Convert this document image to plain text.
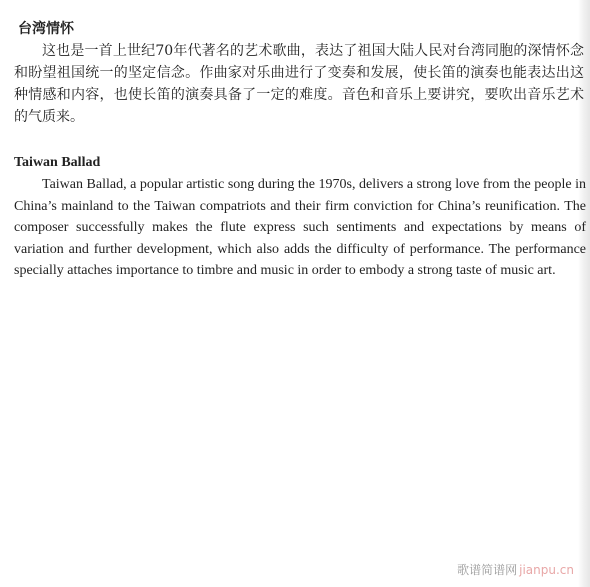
台湾情怀

这也是一首上世纪70年代著名的艺术歌曲，表达了祖国大陆人民对台湾同胞的深情怀念和盼望祖国统一的坚定信念。作曲家对乐曲进行了变奏和发展，使长笛的演奏也能表达出这种情感和内容，也使长笛的演奏具备了一定的难度。音色和音乐上要讲究，要吹出音乐艺术的气质来。

Taiwan Ballad

Taiwan Ballad, a popular artistic song during the 1970s, delivers a strong love from the people in China’s mainland to the Taiwan compatriots and their firm conviction for China’s reunification. The composer successfully makes the flute express such sentiments and expectations by means of variation and further development, which also adds the difficulty of performance. The performance specially attaches importance to timbre and music in order to embody a strong taste of music art.

歌谱简谱网 jianpu.cn
